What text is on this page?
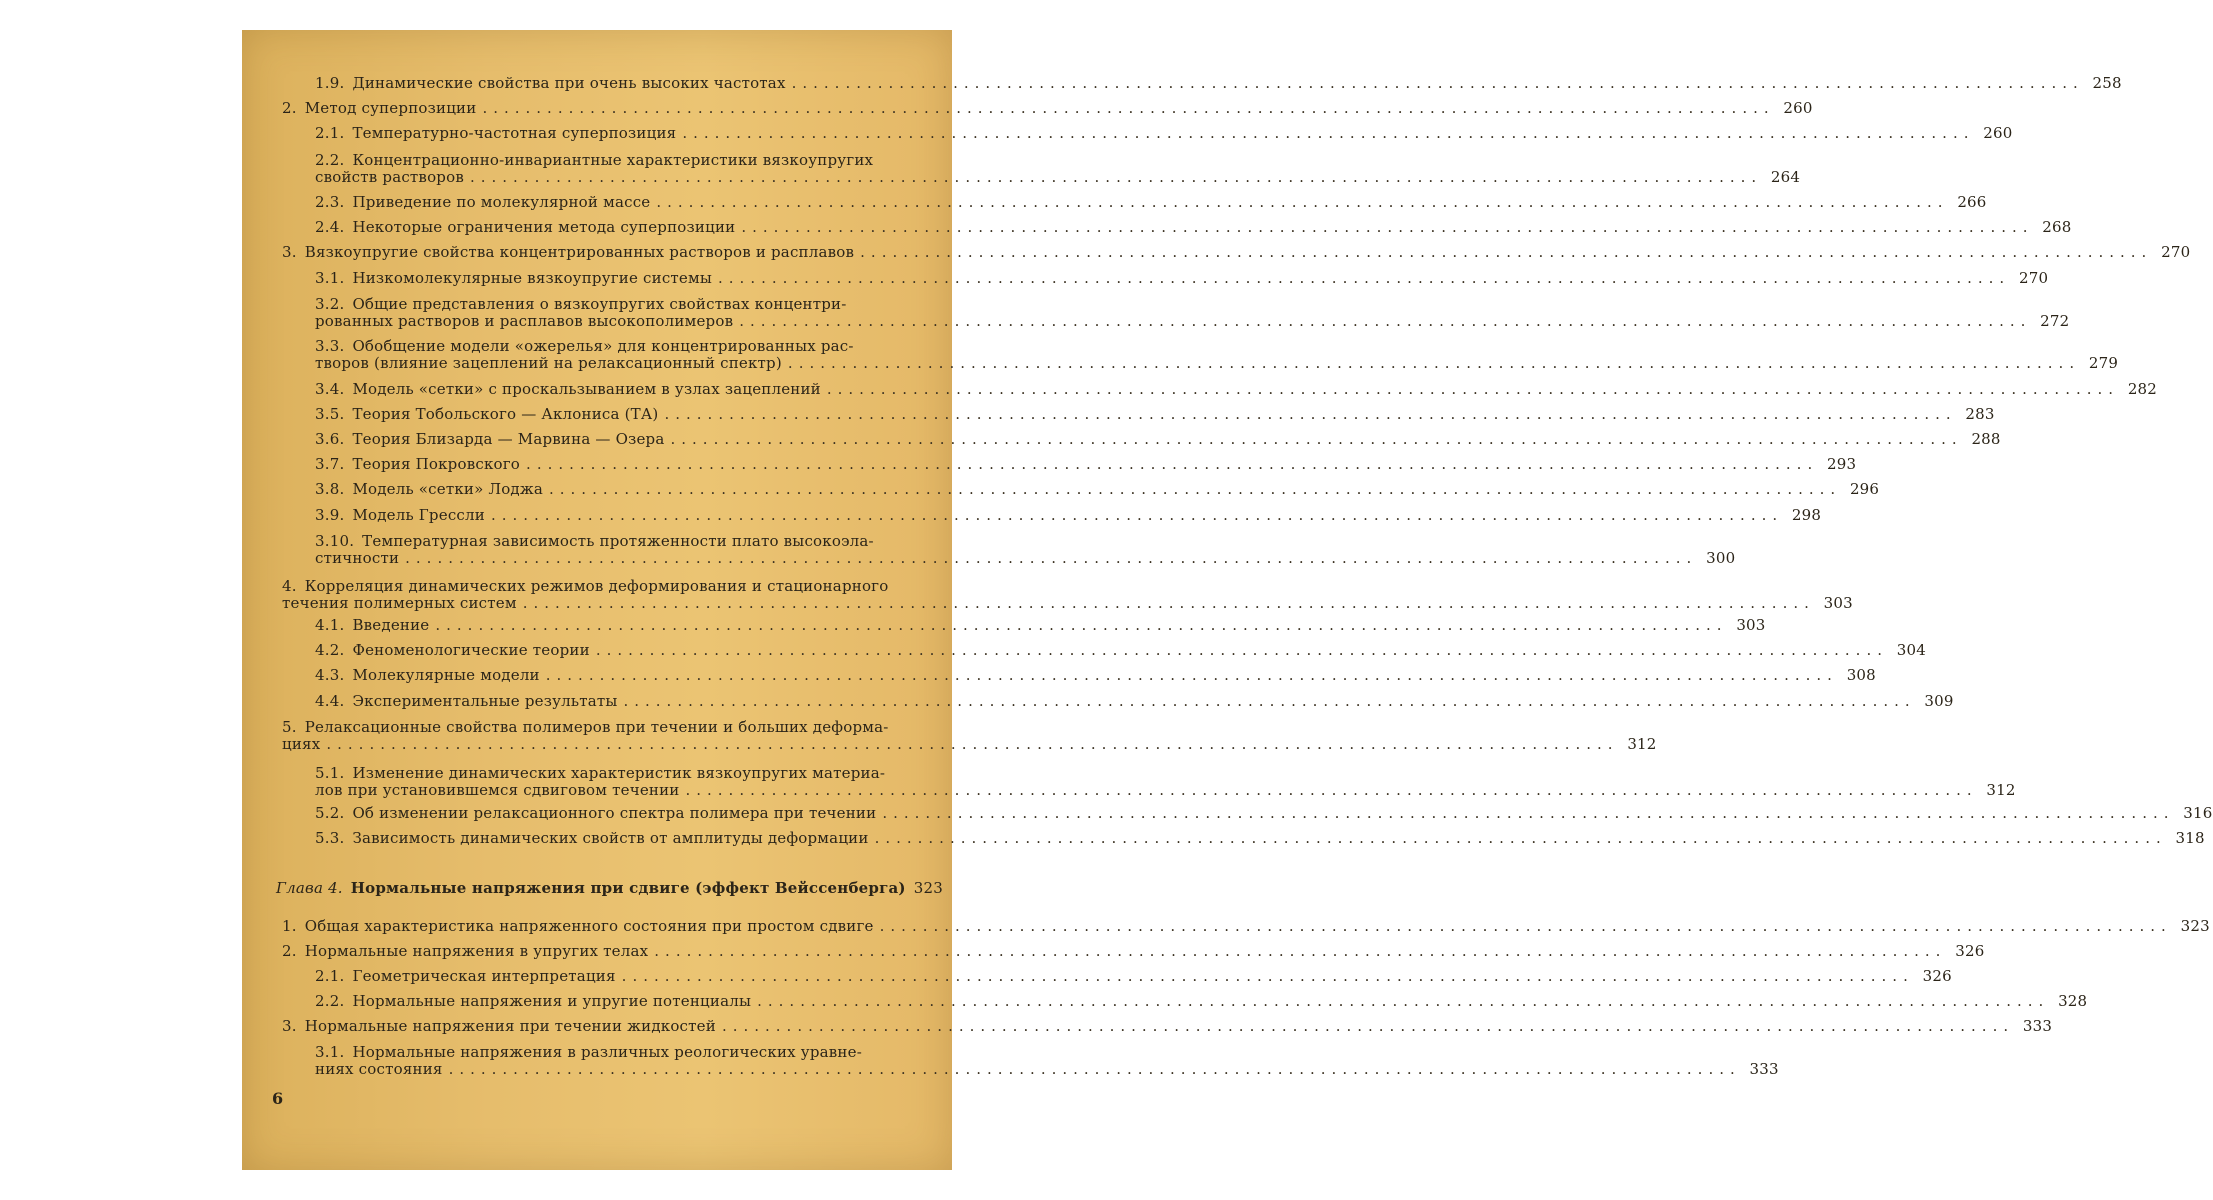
1.9. Динамические свойства при очень высоких частотах ........................................................................................................................ 258
2. Метод суперпозиции ........................................................................................................................ 260
2.1. Температурно-частотная суперпозиция ........................................................................................................................ 260
2.2. Концентрационно-инвариантные характеристики вязкоупругих
свойств растворов ........................................................................................................................ 264
2.3. Приведение по молекулярной массе ........................................................................................................................ 266
2.4. Некоторые ограничения метода суперпозиции ........................................................................................................................ 268
3. Вязкоупругие свойства концентрированных растворов и расплавов ........................................................................................................................ 270
3.1. Низкомолекулярные вязкоупругие системы ........................................................................................................................ 270
3.2. Общие представления о вязкоупругих свойствах концентри-
рованных растворов и расплавов высокополимеров ........................................................................................................................ 272
3.3. Обобщение модели «ожерелья» для концентрированных рас-
творов (влияние зацеплений на релаксационный спектр) ........................................................................................................................ 279
3.4. Модель «сетки» с проскальзыванием в узлах зацеплений ........................................................................................................................ 282
3.5. Теория Тобольского — Аклониса (ТА) ........................................................................................................................ 283
3.6. Теория Близарда — Марвина — Озера ........................................................................................................................ 288
3.7. Теория Покровского ........................................................................................................................ 293
3.8. Модель «сетки» Лоджа ........................................................................................................................ 296
3.9. Модель Грессли ........................................................................................................................ 298
3.10. Температурная зависимость протяженности плато высокоэла-
стичности ........................................................................................................................ 300
4. Корреляция динамических режимов деформирования и стационарного
течения полимерных систем ........................................................................................................................ 303
4.1. Введение ........................................................................................................................ 303
4.2. Феноменологические теории ........................................................................................................................ 304
4.3. Молекулярные модели ........................................................................................................................ 308
4.4. Экспериментальные результаты ........................................................................................................................ 309
5. Релаксационные свойства полимеров при течении и больших деформа-
циях ........................................................................................................................ 312
5.1. Изменение динамических характеристик вязкоупругих материа-
лов при установившемся сдвиговом течении ........................................................................................................................ 312
5.2. Об изменении релаксационного спектра полимера при течении ........................................................................................................................ 316
5.3. Зависимость динамических свойств от амплитуды деформации ........................................................................................................................ 318
Глава 4. Нормальные напряжения при сдвиге (эффект Вейссенберга) 323
1. Общая характеристика напряженного состояния при простом сдвиге ........................................................................................................................ 323
2. Нормальные напряжения в упругих телах ........................................................................................................................ 326
2.1. Геометрическая интерпретация ........................................................................................................................ 326
2.2. Нормальные напряжения и упругие потенциалы ........................................................................................................................ 328
3. Нормальные напряжения при течении жидкостей ........................................................................................................................ 333
3.1. Нормальные напряжения в различных реологических уравне-
ниях состояния ........................................................................................................................ 333
6
